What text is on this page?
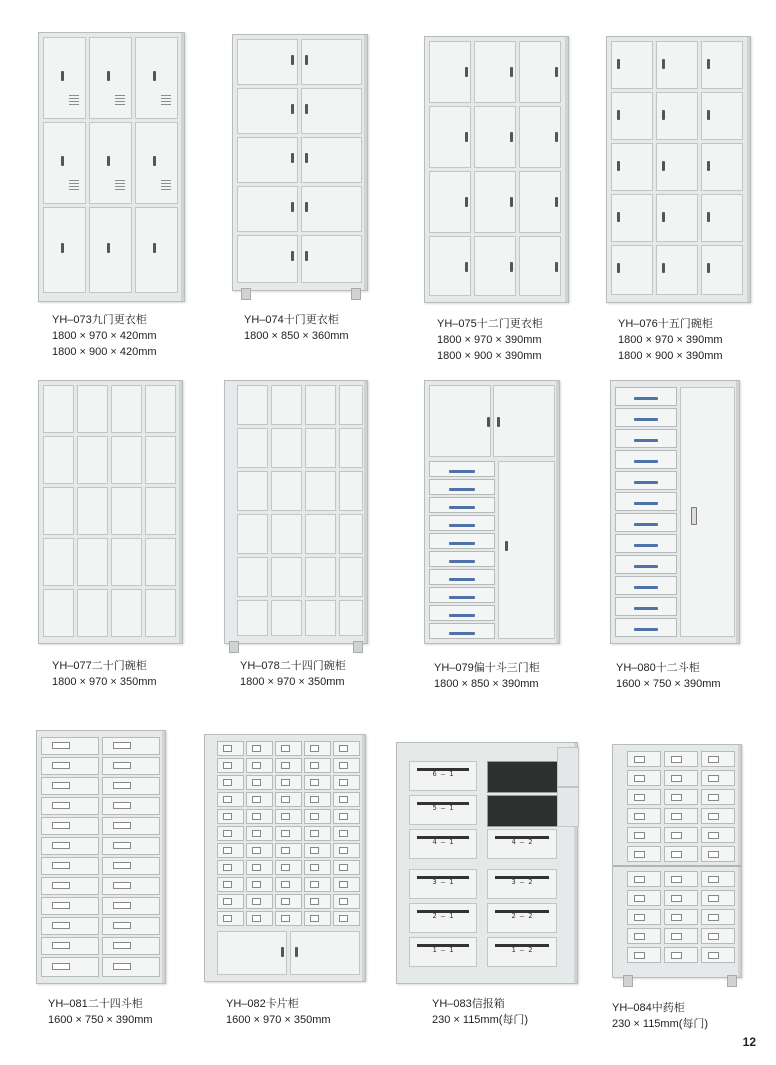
YH–073九门更衣柜
1800 × 970 × 420mm
1800 × 900 × 420mm
YH–074十门更衣柜
1800 × 850 × 360mm
YH–075十二门更衣柜
1800 × 970 × 390mm
1800 × 900 × 390mm
YH–076十五门碗柜
1800 × 970 × 390mm
1800 × 900 × 390mm
YH–077二十门碗柜
1800 × 970 × 350mm
YH–078二十四门碗柜
1800 × 970 × 350mm
YH–079偏十斗三门柜
1800 × 850 × 390mm
YH–080十二斗柜
1600 × 750 × 390mm
YH–081二十四斗柜
1600 × 750 × 390mm
YH–082卡片柜
1600 × 970 × 350mm
6 – 1
5 – 1
4 – 1
3 – 1
2 – 1
1 – 1
4 – 2
3 – 2
2 – 2
1 – 2
YH–083信报箱
230 × 115mm(每门)
YH–084中药柜
230 × 115mm(每门)
12
